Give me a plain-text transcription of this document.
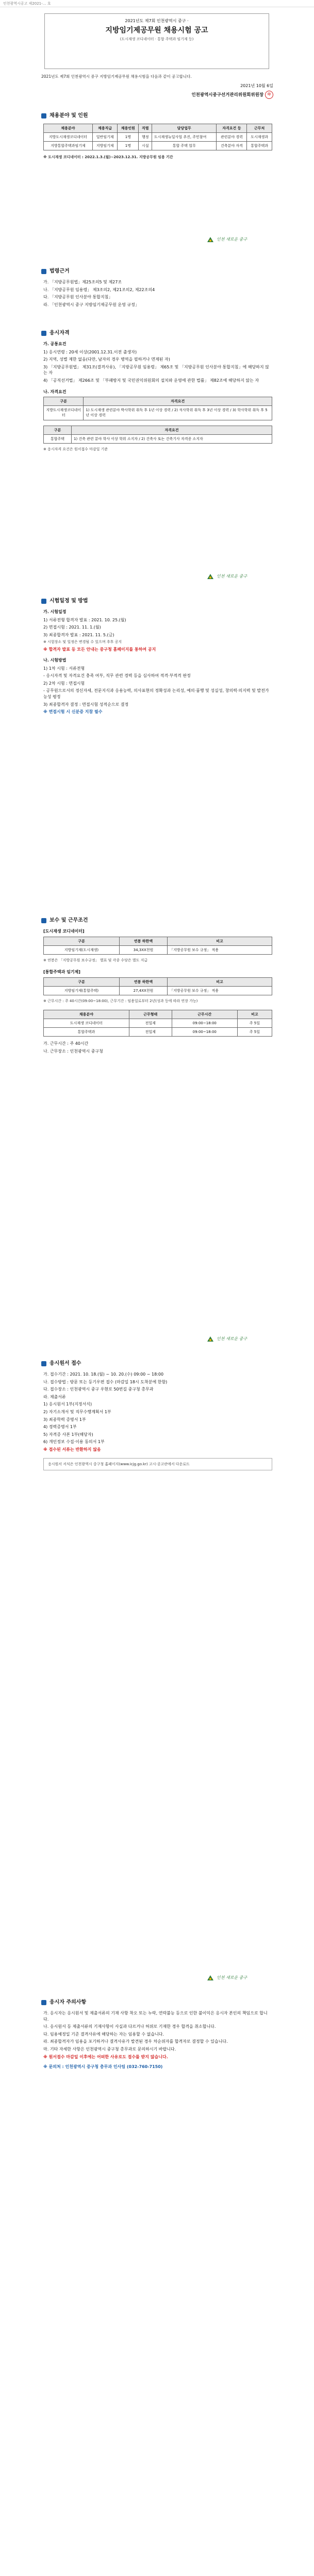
인천광역시공고 제2021-… 호
2021년도 제7회 인천광역시 중구 ·
지방임기제공무원 채용시험 공고
(도시재생 코디네이터 · 통합 주택과 임기제 등)
2021년도 제7회 인천광역시 중구 지방임기제공무원 채용시험을 다음과 같이 공고합니다.
2021년 10월 6일
인천광역시중구선거관리위원회위원장 印
채용분야 및 인원
채용분야	채용직급	채용인원	직렬	담당업무	자격요건 등	근무처
지방도시재생코디네이터	일반임기제	1명	행정	도시재생뉴딜사업 추진, 주민참여	관련분야 경력	도시재생과
지방통합주택과임기제	지방임기제	1명	시설	통합 주택 업무	건축분야 자격	통합주택과
※ 도시재생 코디네이터 : 2022.1.3.(월)~2023.12.31. 지방공무원 임용 기간
인천 새로운 중구
법령근거
가. 「지방공무원법」제25조의5 및 제27조
나. 「지방공무원 임용령」 제3조의2, 제21조의2, 제22조의4
다. 「지방공무원 인사분야 통합지침」
라. 「인천광역시 중구 지방임기제공무원 운영 규정」
응시자격
가. 공통요건
1) 응시연령 : 20세 이상(2001.12.31.이전 출생자)
2) 지역, 성별 제한 없음(다만, 남자의 경우 병역을 필하거나 면제된 자)
3) 「지방공무원법」 제31조(결격사유), 「지방공무원 임용령」 제65조 및 「지방공무원 인사분야 통합지침」에 해당하지 않는 자
4) 「공직선거법」 제266조 및 「부패방지 및 국민권익위원회의 설치와 운영에 관한 법률」 제82조에 해당하지 않는 자
나. 자격요건
구분	자격요건
지방도시재생코디네이터	1) 도시재생 관련분야 박사학위 취득 후 1년 이상 경력 / 2) 석사학위 취득 후 3년 이상 경력 / 3) 학사학위 취득 후 5년 이상 경력
구분	자격요건
통합주택	1) 건축 관련 분야 학사 이상 학위 소지자 / 2) 건축사 또는 건축기사 자격증 소지자
※ 응시자격 요건은 원서접수 마감일 기준
인천 새로운 중구
시험일정 및 방법
가. 시험일정
1) 서류전형 합격자 발표 : 2021. 10. 25.(월)
2) 면접시험 : 2021. 11. 1.(월)
3) 최종합격자 발표 : 2021. 11. 5.(금)
※ 시험장소 및 일정은 변경될 수 있으며 추후 공지
※ 합격자 발표 등 모든 안내는 중구청 홈페이지를 통하여 공지
나. 시험방법
1) 1차 시험 : 서류전형
- 응시자격 및 자격요건 충족 여부, 직무 관련 경력 등을 심사하여 적격·부적격 판정
2) 2차 시험 : 면접시험
- 공무원으로서의 정신자세, 전문지식과 응용능력, 의사표현의 정확성과 논리성, 예의·품행 및 성실성, 창의력·의지력 및 발전가능성 평정
3) 최종합격자 결정 : 면접시험 성적순으로 결정
※ 면접시험 시 신분증 지참 필수
보수 및 근무조건
[도시재생 코디네이터]
구분	연봉 하한액	비고
지방임기제(도시재생)	34,3XX천원	「지방공무원 보수 규정」 적용
※ 연봉은 「지방공무원 보수규정」 별표 및 각종 수당은 별도 지급
[통합주택과 임기제]
구분	연봉 하한액	비고
지방임기제(통합주택)	27,4XX천원	「지방공무원 보수 규정」 적용
※ 근무시간 : 주 40시간(09:00~18:00), 근무기간 : 임용일로부터 2년(성과 등에 따라 연장 가능)
채용분야	근무형태	근무시간	비고
도시재생 코디네이터	전일제	09:00~18:00	주 5일
통합주택과	전일제	09:00~18:00	주 5일
가. 근무시간 : 주 40시간
나. 근무장소 : 인천광역시 중구청
인천 새로운 중구
응시원서 접수
가. 접수기간 : 2021. 10. 18.(월) ~ 10. 20.(수) 09:00 ~ 18:00
나. 접수방법 : 방문 또는 등기우편 접수 (마감일 18시 도착분에 한함)
다. 접수장소 : 인천광역시 중구 우현로 50번길 중구청 총무과
라. 제출서류
1) 응시원서 1부(지정서식)
2) 자기소개서 및 직무수행계획서 1부
3) 최종학력 증명서 1부
4) 경력증명서 1부
5) 자격증 사본 1부(해당자)
6) 개인정보 수집·이용 동의서 1부
※ 접수된 서류는 반환하지 않음
응시원서 서식은 인천광역시 중구청 홈페이지(www.icjg.go.kr) 고시·공고란에서 다운로드
인천 새로운 중구
응시자 주의사항
가. 응시자는 응시원서 및 제출서류의 기재 사항 착오 또는 누락, 연락불능 등으로 인한 불이익은 응시자 본인의 책임으로 합니다.
나. 응시원서 등 제출서류의 기재사항이 사실과 다르거나 허위로 기재한 경우 합격을 취소합니다.
다. 임용예정일 기준 결격사유에 해당하는 자는 임용할 수 없습니다.
라. 최종합격자가 임용을 포기하거나 결격사유가 발견된 경우 차순위자를 합격자로 결정할 수 있습니다.
마. 기타 자세한 사항은 인천광역시 중구청 총무과로 문의하시기 바랍니다.
※ 원서접수 마감일 이후에는 어떠한 사유로도 접수를 받지 않습니다.
※ 문의처 : 인천광역시 중구청 총무과 인사팀 (032-760-7150)
